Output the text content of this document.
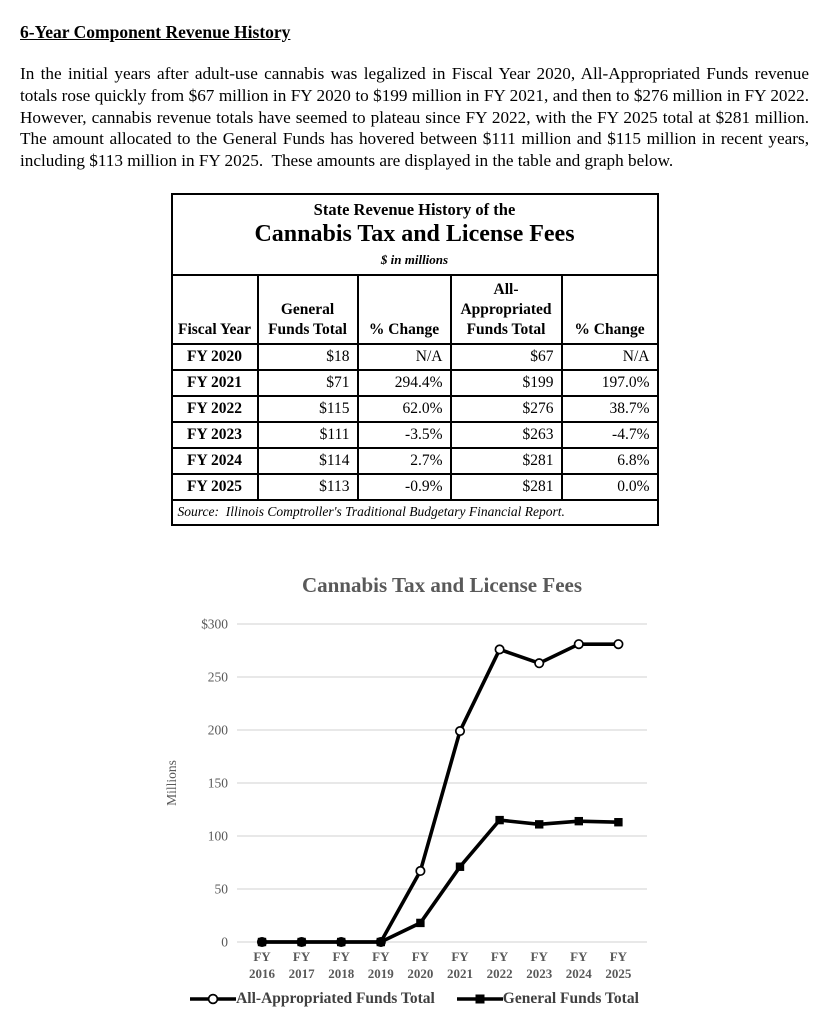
6-Year Component Revenue History
In the initial years after adult-use cannabis was legalized in Fiscal Year 2020, All-Appropriated Funds revenue totals rose quickly from $67 million in FY 2020 to $199 million in FY 2021, and then to $276 million in FY 2022.  However, cannabis revenue totals have seemed to plateau since FY 2022, with the FY 2025 total at $281 million.  The amount allocated to the General Funds has hovered between $111 million and $115 million in recent years, including $113 million in FY 2025.  These amounts are displayed in the table and graph below.
State Revenue History of the
Cannabis Tax and License Fees
$ in millions				

Fiscal Year	General Funds Total	% Change	All-Appropriated Funds Total	% Change
FY 2020	$18	N/A	$67	N/A
FY 2021	$71	294.4%	$199	197.0%
FY 2022	$115	62.0%	$276	38.7%
FY 2023	$111	-3.5%	$263	-4.7%
FY 2024	$114	2.7%	$281	6.8%
FY 2025	$113	-0.9%	$281	0.0%
Source:  Illinois Comptroller's Traditional Budgetary Financial Report.				
Cannabis Tax and License Fees
0
50
100
150
200
250
300
$
Millions
FY 2016
FY 2017
FY 2018
FY 2019
FY 2020
FY 2021
FY 2022
FY 2023
FY 2024
FY 2025
All-Appropriated Funds Total	General Funds Total
